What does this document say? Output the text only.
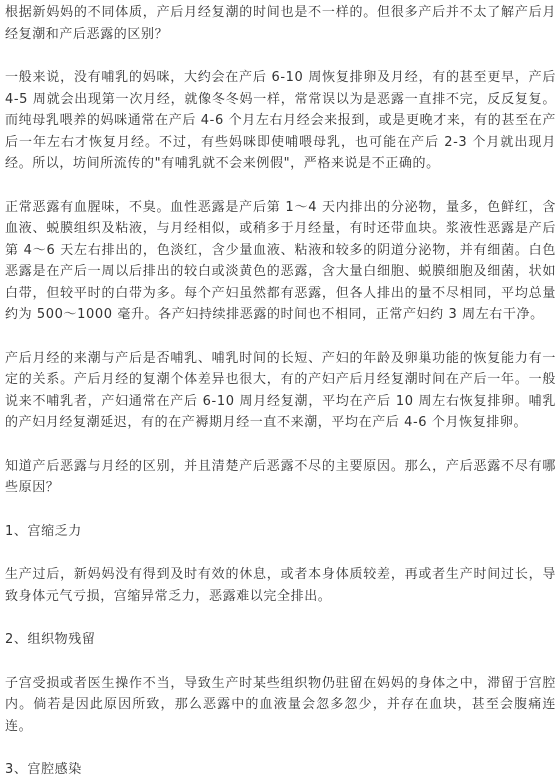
根据新妈妈的不同体质，产后月经复潮的时间也是不一样的。但很多产后并不太了解产后月经复潮和产后恶露的区别？

一般来说，没有哺乳的妈咪，大约会在产后 6-10 周恢复排卵及月经，有的甚至更早，产后 4-5 周就会出现第一次月经，就像冬冬妈一样，常常误以为是恶露一直排不完，反反复复。而纯母乳喂养的妈咪通常在产后 4-6 个月左右月经会来报到，或是更晚才来，有的甚至在产后一年左右才恢复月经。不过，有些妈咪即使哺喂母乳，也可能在产后 2-3 个月就出现月经。所以，坊间所流传的"有哺乳就不会来例假"，严格来说是不正确的。

正常恶露有血腥味，不臭。血性恶露是产后第 1～4 天内排出的分泌物，量多，色鲜红，含血液、蜕膜组织及粘液，与月经相似，或稍多于月经量，有时还带血块。浆液性恶露是产后第 4～6 天左右排出的，色淡红，含少量血液、粘液和较多的阴道分泌物，并有细菌。白色恶露是在产后一周以后排出的较白或淡黄色的恶露，含大量白细胞、蜕膜细胞及细菌，状如白带，但较平时的白带为多。每个产妇虽然都有恶露，但各人排出的量不尽相同，平均总量约为 500～1000 毫升。各产妇持续排恶露的时间也不相同，正常产妇约 3 周左右干净。

产后月经的来潮与产后是否哺乳、哺乳时间的长短、产妇的年龄及卵巢功能的恢复能力有一定的关系。产后月经的复潮个体差异也很大，有的产妇产后月经复潮时间在产后一年。一般说来不哺乳者，产妇通常在产后 6-10 周月经复潮，平均在产后 10 周左右恢复排卵。哺乳的产妇月经复潮延迟，有的在产褥期月经一直不来潮，平均在产后 4-6 个月恢复排卵。

知道产后恶露与月经的区别，并且清楚产后恶露不尽的主要原因。那么，产后恶露不尽有哪些原因？

1、宫缩乏力

生产过后，新妈妈没有得到及时有效的休息，或者本身体质较差，再或者生产时间过长，导致身体元气亏损，宫缩异常乏力，恶露难以完全排出。

2、组织物残留

子宫受损或者医生操作不当，导致生产时某些组织物仍驻留在妈妈的身体之中，滞留于宫腔内。倘若是因此原因所致，那么恶露中的血液量会忽多忽少，并存在血块，甚至会腹痛连连。

3、宫腔感染
